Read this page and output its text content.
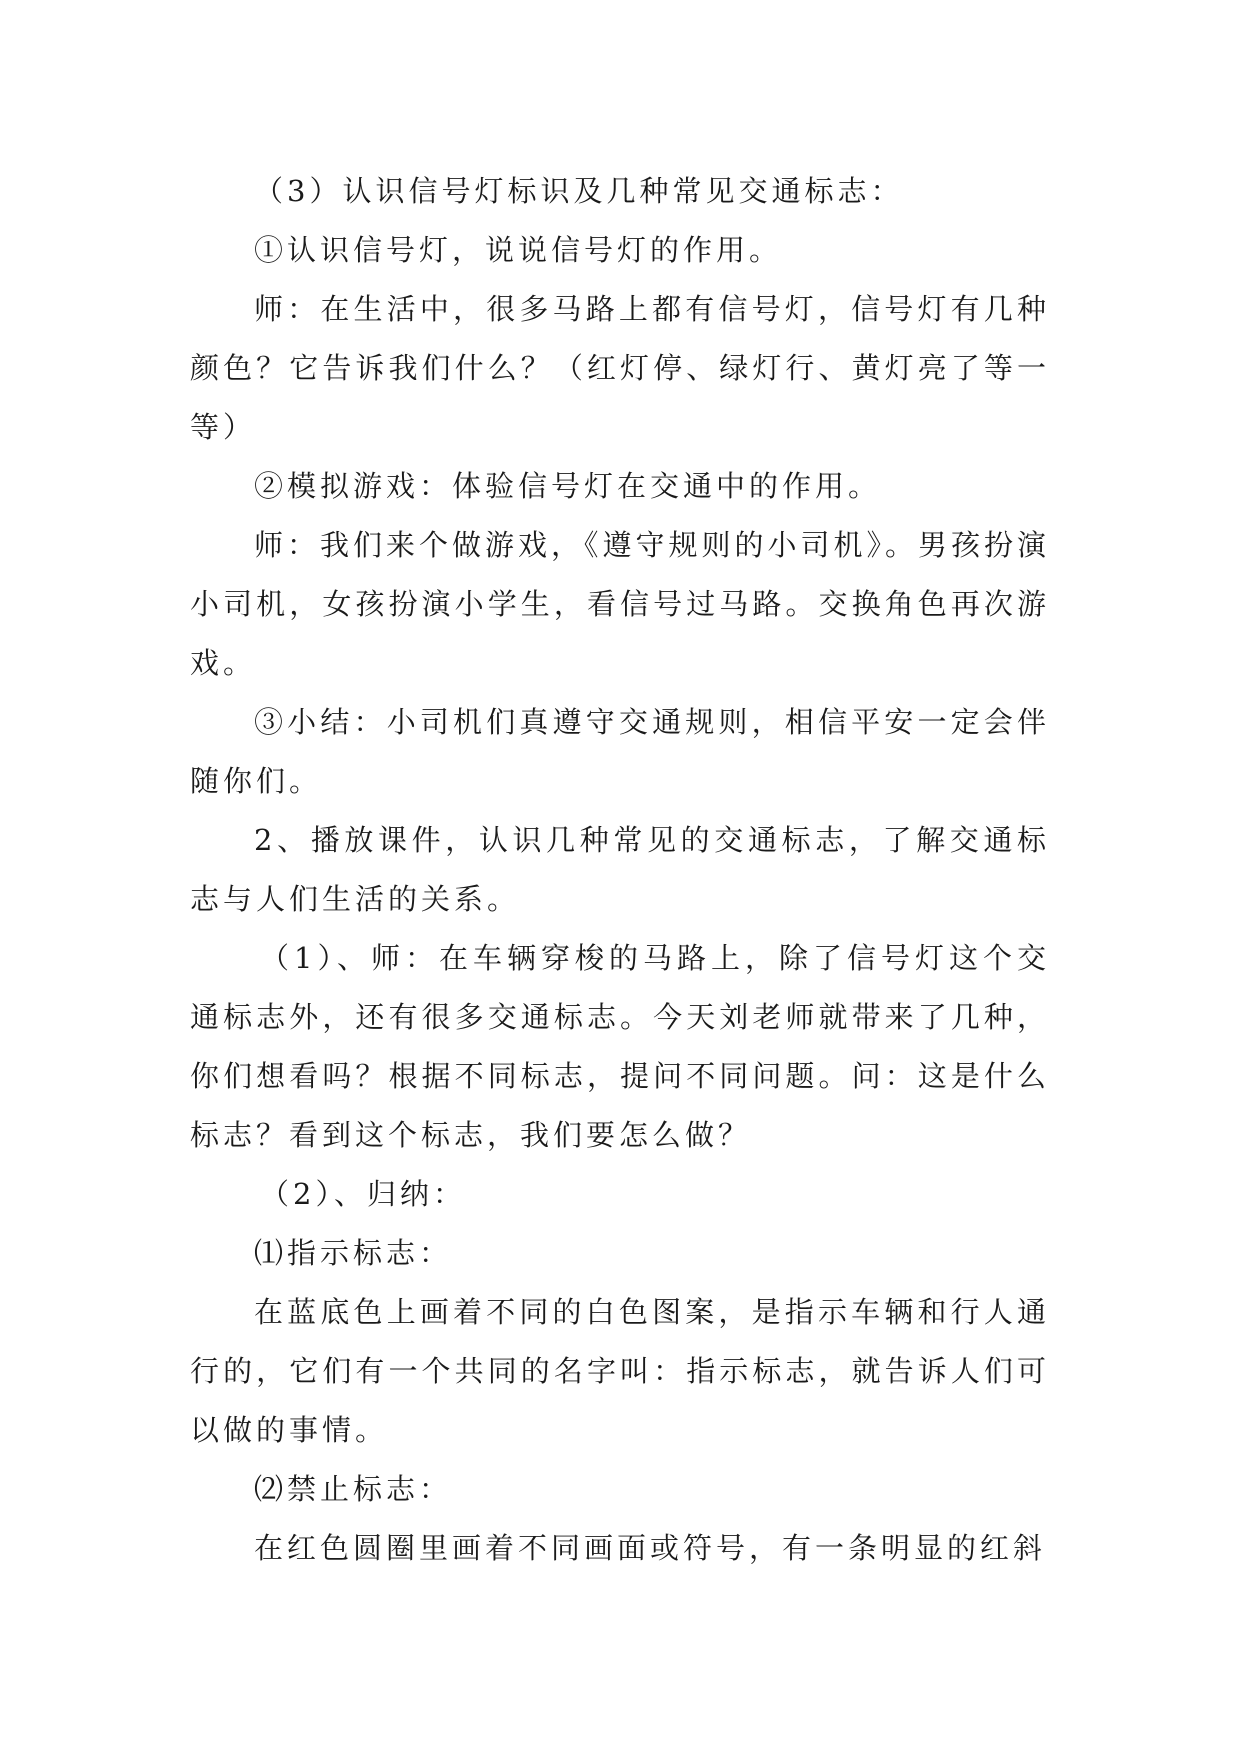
（3）认识信号灯标识及几种常见交通标志：

①认识信号灯，说说信号灯的作用。

师：在生活中，很多马路上都有信号灯，信号灯有几种颜色？它告诉我们什么？（红灯停、绿灯行、黄灯亮了等一等）

②模拟游戏：体验信号灯在交通中的作用。

师：我们来个做游戏，《遵守规则的小司机》。男孩扮演小司机，女孩扮演小学生，看信号过马路。交换角色再次游戏。

③小结：小司机们真遵守交通规则，相信平安一定会伴随你们。

2、播放课件，认识几种常见的交通标志，了解交通标志与人们生活的关系。

（1）、师：在车辆穿梭的马路上，除了信号灯这个交通标志外，还有很多交通标志。今天刘老师就带来了几种，你们想看吗？根据不同标志，提问不同问题。问：这是什么标志？看到这个标志，我们要怎么做？

（2）、归纳：

⑴指示标志：

在蓝底色上画着不同的白色图案，是指示车辆和行人通行的，它们有一个共同的名字叫：指示标志，就告诉人们可以做的事情。

⑵禁止标志：

在红色圆圈里画着不同画面或符号，有一条明显的红斜
